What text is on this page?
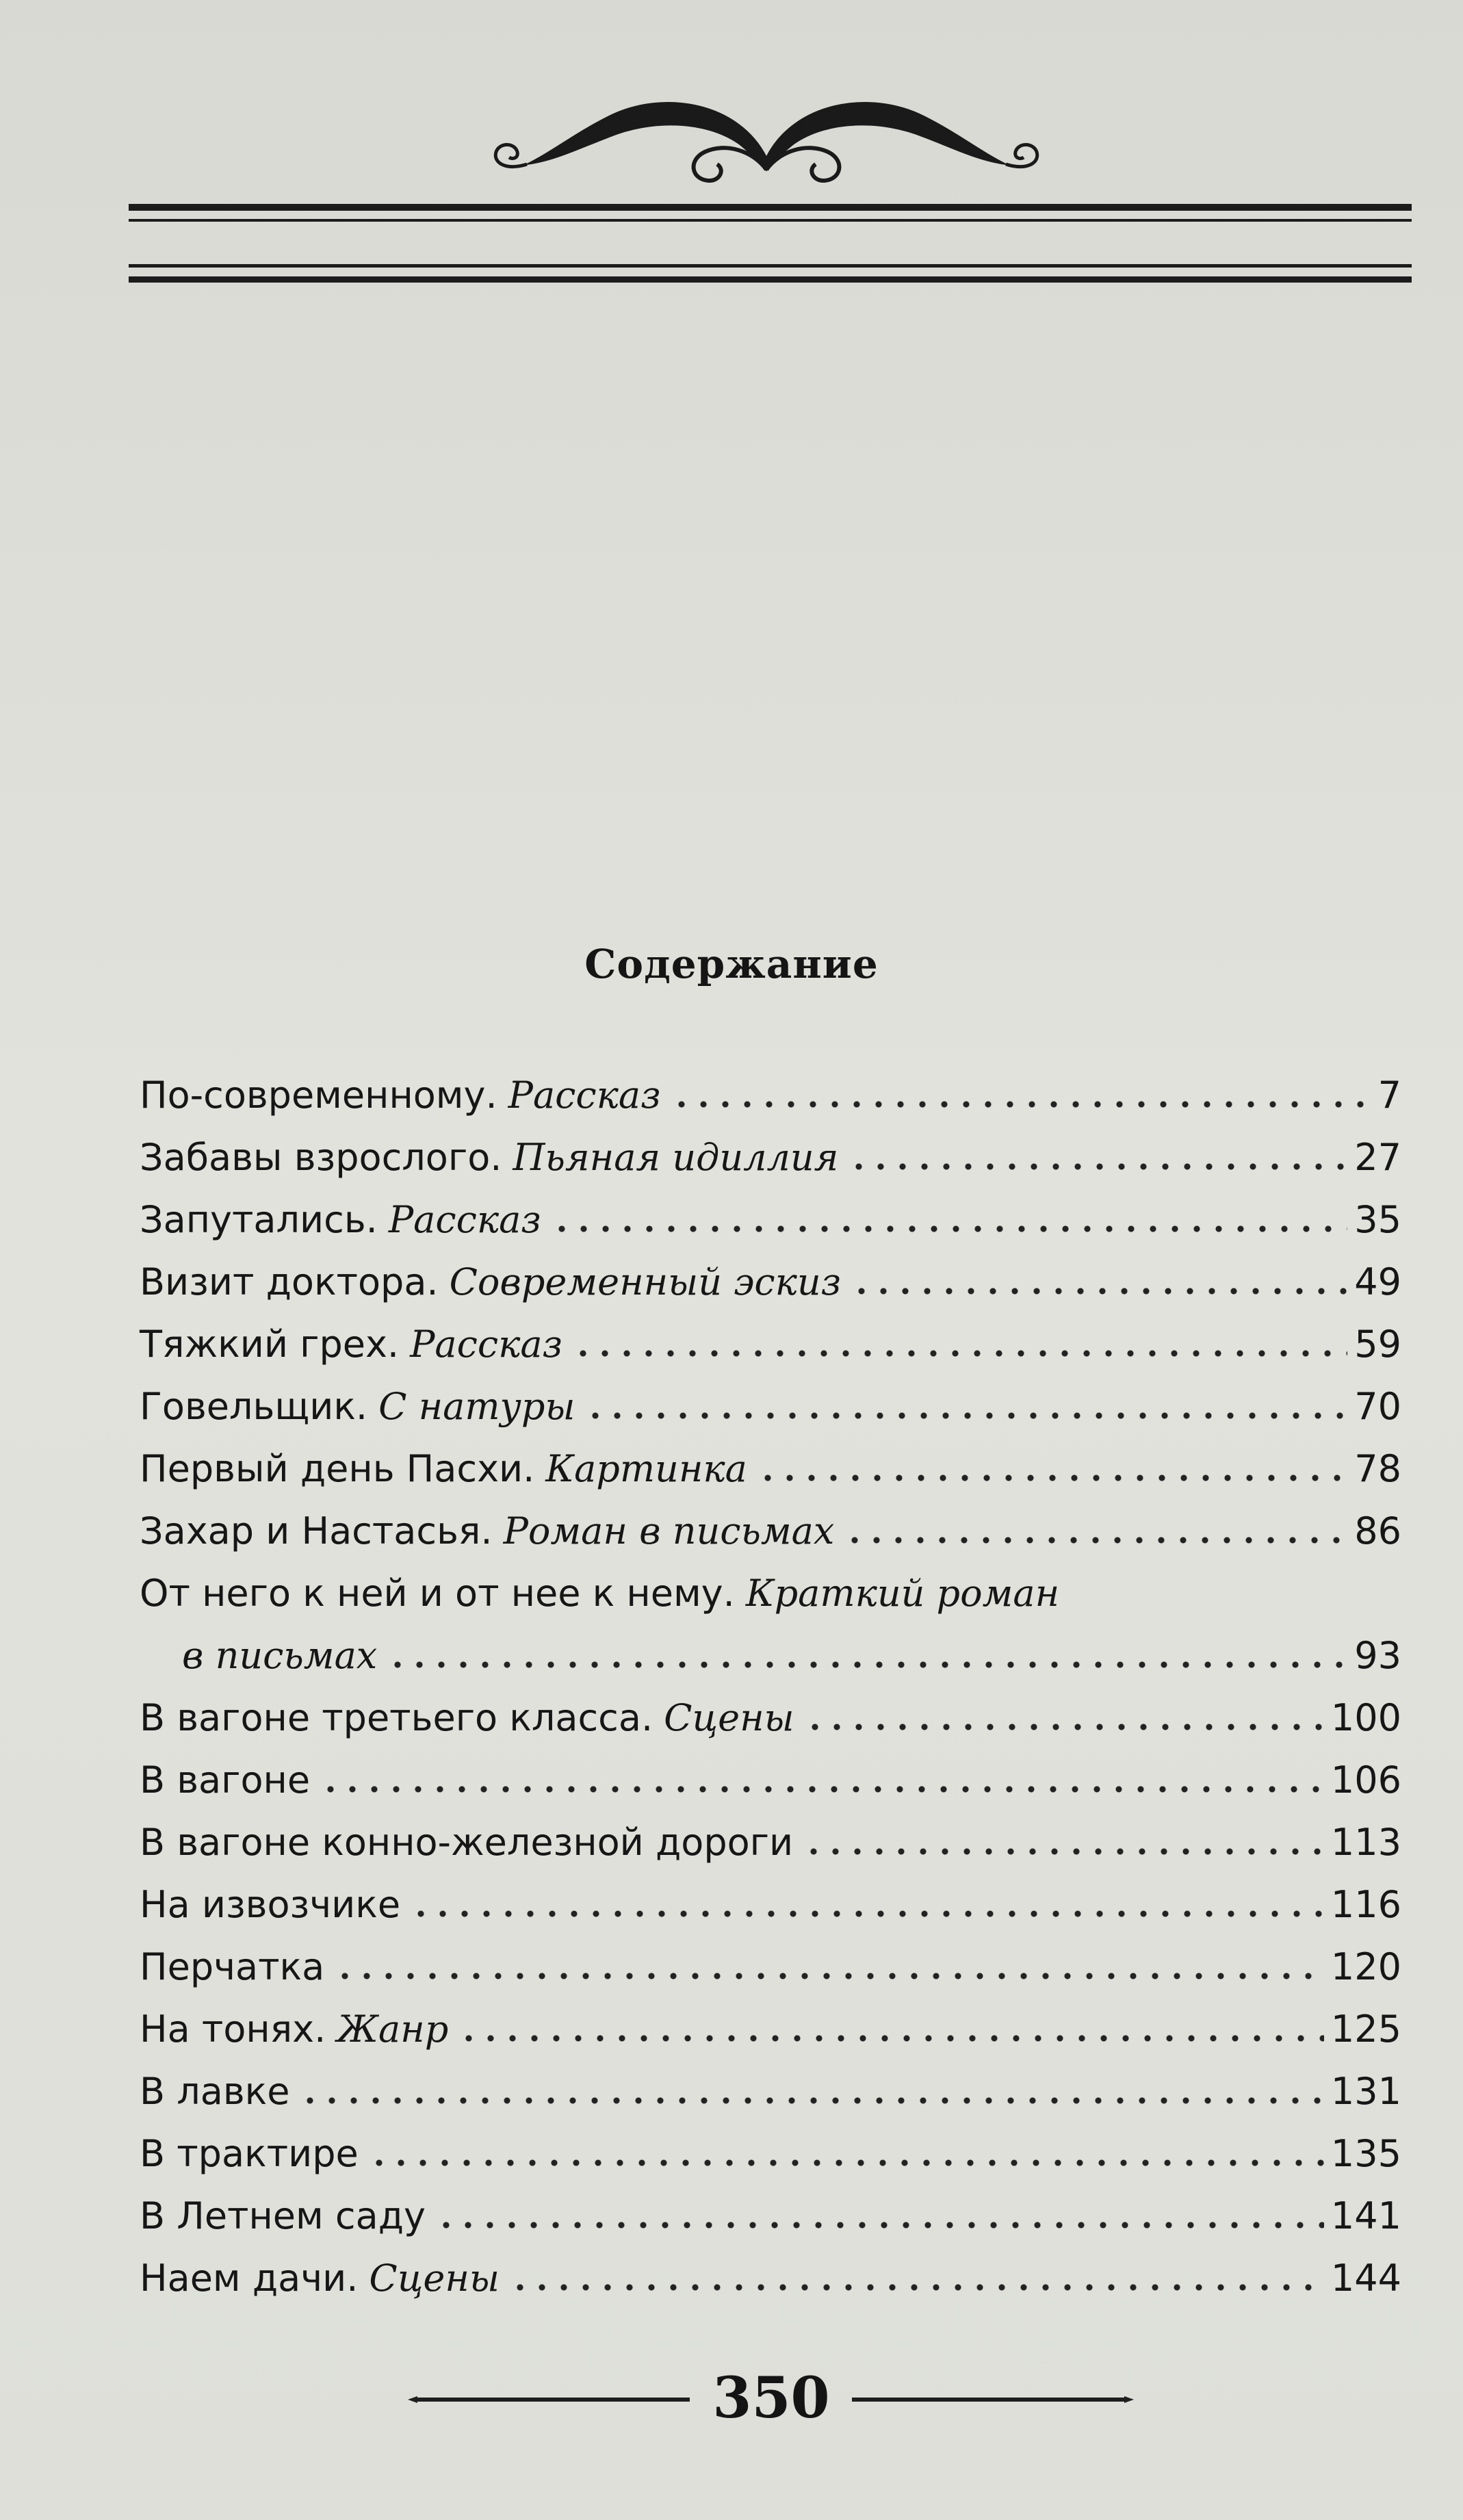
Содержание
По-современному. Рассказ	7
Забавы взрослого. Пьяная идиллия	27
Запутались. Рассказ	35
Визит доктора. Современный эскиз	49
Тяжкий грех. Рассказ	59
Говельщик. С натуры	70
Первый день Пасхи. Картинка	78
Захар и Настасья. Роман в письмах	86
От него к ней и от нее к нему. Краткий роман
в письмах	93
В вагоне третьего класса. Сцены	100
В вагоне	106
В вагоне конно-железной дороги	113
На извозчике	116
Перчатка	120
На тонях. Жанр	125
В лавке	131
В трактире	135
В Летнем саду	141
Наем дачи. Сцены	144
350
